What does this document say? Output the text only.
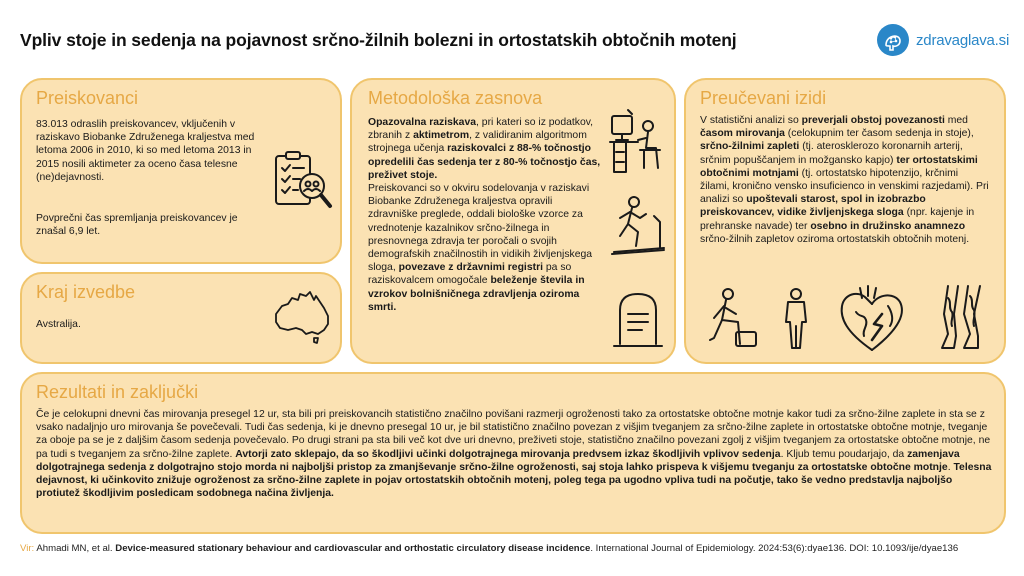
Vpliv stoje in sedenja na pojavnost srčno-žilnih bolezni in ortostatskih obtočnih motenj	zdravaglava.si
Preiskovanci
83.013 odraslih preiskovancev, vključenih v raziskavo Biobanke Združenega kraljestva med letoma 2006 in 2010, ki so med letoma 2013 in 2015 nosili aktimeter za oceno časa telesne (ne)dejavnosti.
Povprečni čas spremljanja preiskovancev je znašal 6,9 let.
Kraj izvedbe
Avstralija.
Metodološka zasnova
Opazovalna raziskava, pri kateri so iz podatkov, zbranih z aktimetrom, z validiranim algoritmom strojnega učenja raziskovalci z 88-% točnostjo opredelili čas sedenja ter z 80-% točnostjo čas, preživet stoje.
Preiskovanci so v okviru sodelovanja v raziskavi Biobanke Združenega kraljestva opravili zdravniške preglede, oddali biološke vzorce za vrednotenje kazalnikov srčno-žilnega in presnovnega zdravja ter poročali o svojih demografskih značilnostih in vidikih življenjskega sloga, povezave z državnimi registri pa so raziskovalcem omogočale beleženje števila in vzrokov bolnišničnega zdravljenja oziroma smrti.
Preučevani izidi
V statistični analizi so preverjali obstoj povezanosti med časom mirovanja (celokupnim ter časom sedenja in stoje), srčno-žilnimi zapleti (tj. aterosklerozo koronarnih arterij, srčnim popuščanjem in možgansko kapjo) ter ortostatskimi obtočnimi motnjami (tj. ortostatsko hipotenzijo, krčnimi žilami, kronično vensko insuficienco in venskimi razjedami). Pri analizi so upoštevali starost, spol in izobrazbo preiskovancev, vidike življenjskega sloga (npr. kajenje in prehranske navade) ter osebno in družinsko anamnezo srčno-žilnih zapletov oziroma ortostatskih obtočnih motenj.
Rezultati in zaključki
Če je celokupni dnevni čas mirovanja presegel 12 ur, sta bili pri preiskovancih statistično značilno povišani razmerji ogroženosti tako za ortostatske obtočne motnje kakor tudi za srčno-žilne zaplete in sta se z vsako nadaljnjo uro mirovanja še povečevali. Tudi čas sedenja, ki je dnevno presegal 10 ur, je bil statistično značilno povezan z višjim tveganjem za srčno-žilne zaplete in ortostatske obtočne motnje, tveganje za oboje pa se je z daljšim časom sedenja povečevalo. Po drugi strani pa sta bili več kot dve uri dnevno, preživeti stoje, statistično značilno povezani zgolj z višjim tveganjem za ortostatske obtočne motnje, ne pa tudi s tveganjem za srčno-žilne zaplete. Avtorji zato sklepajo, da so škodljivi učinki dolgotrajnega mirovanja predvsem izkaz škodljivih vplivov sedenja. Kljub temu poudarjajo, da zamenjava dolgotrajnega sedenja z dolgotrajno stojo morda ni najboljši pristop za zmanjševanje srčno-žilne ogroženosti, saj stoja lahko prispeva k višjemu tveganju za ortostatske obtočne motnje. Telesna dejavnost, ki učinkovito znižuje ogroženost za srčno-žilne zaplete in pojav ortostatskih obtočnih motenj, poleg tega pa ugodno vpliva tudi na počutje, tako še vedno predstavlja najboljšo protiutež škodljivim posledicam sodobnega načina življenja.
Vir: Ahmadi MN, et al. Device-measured stationary behaviour and cardiovascular and orthostatic circulatory disease incidence. International Journal of Epidemiology. 2024:53(6):dyae136. DOI: 10.1093/ije/dyae136
